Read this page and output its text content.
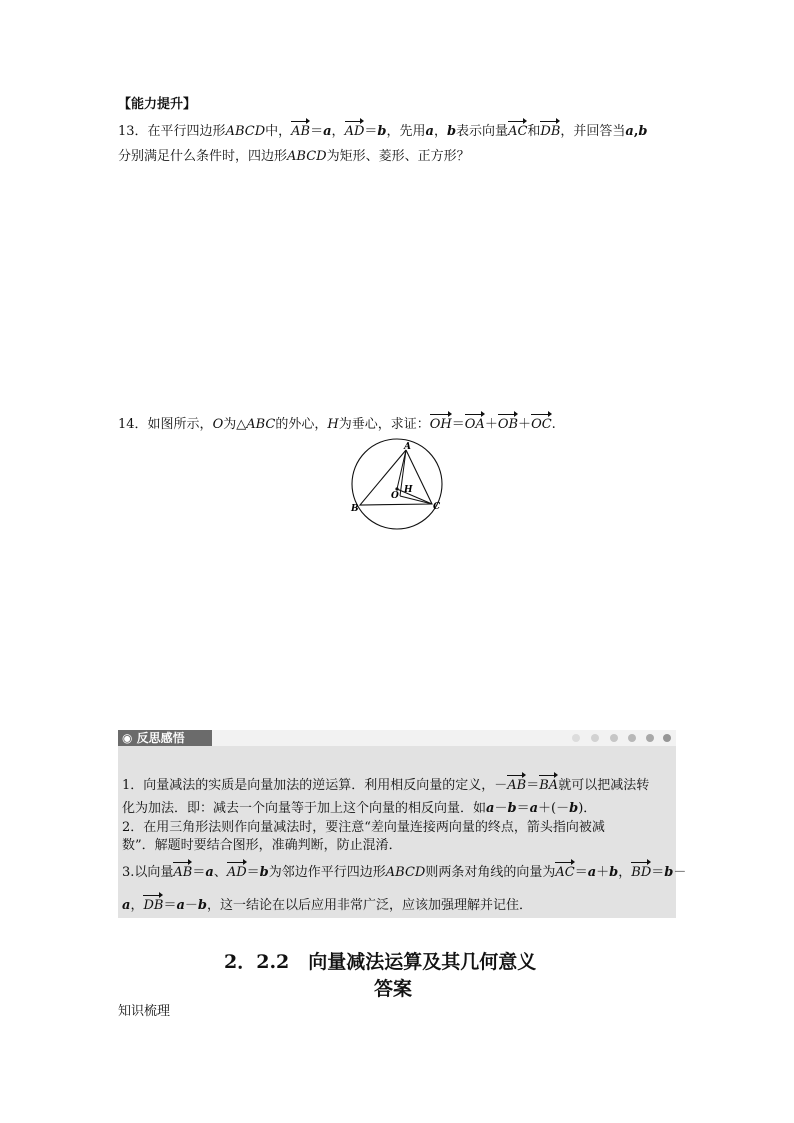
【能力提升】
13．在平行四边形ABCD中，AB＝a，AD＝b，先用a，b表示向量AC和DB，并回答当a,b
分别满足什么条件时，四边形ABCD为矩形、菱形、正方形？
14．如图所示，O为△ABC的外心，H为垂心，求证：OH＝OA＋OB＋OC.
A
B	C
O
H
◉ 反思感悟
1．向量减法的实质是向量加法的逆运算．利用相反向量的定义，－AB＝BA就可以把减法转
化为加法．即：减去一个向量等于加上这个向量的相反向量．如a－b＝a＋(－b)．
2．在用三角形法则作向量减法时，要注意“差向量连接两向量的终点，箭头指向被减
数”．解题时要结合图形，准确判断，防止混淆．
3.以向量AB＝a、AD＝b为邻边作平行四边形ABCD则两条对角线的向量为AC＝a＋b，BD＝b－
a，DB＝a－b，这一结论在以后应用非常广泛，应该加强理解并记住．
2．2.2　向量减法运算及其几何意义
答案
知识梳理
